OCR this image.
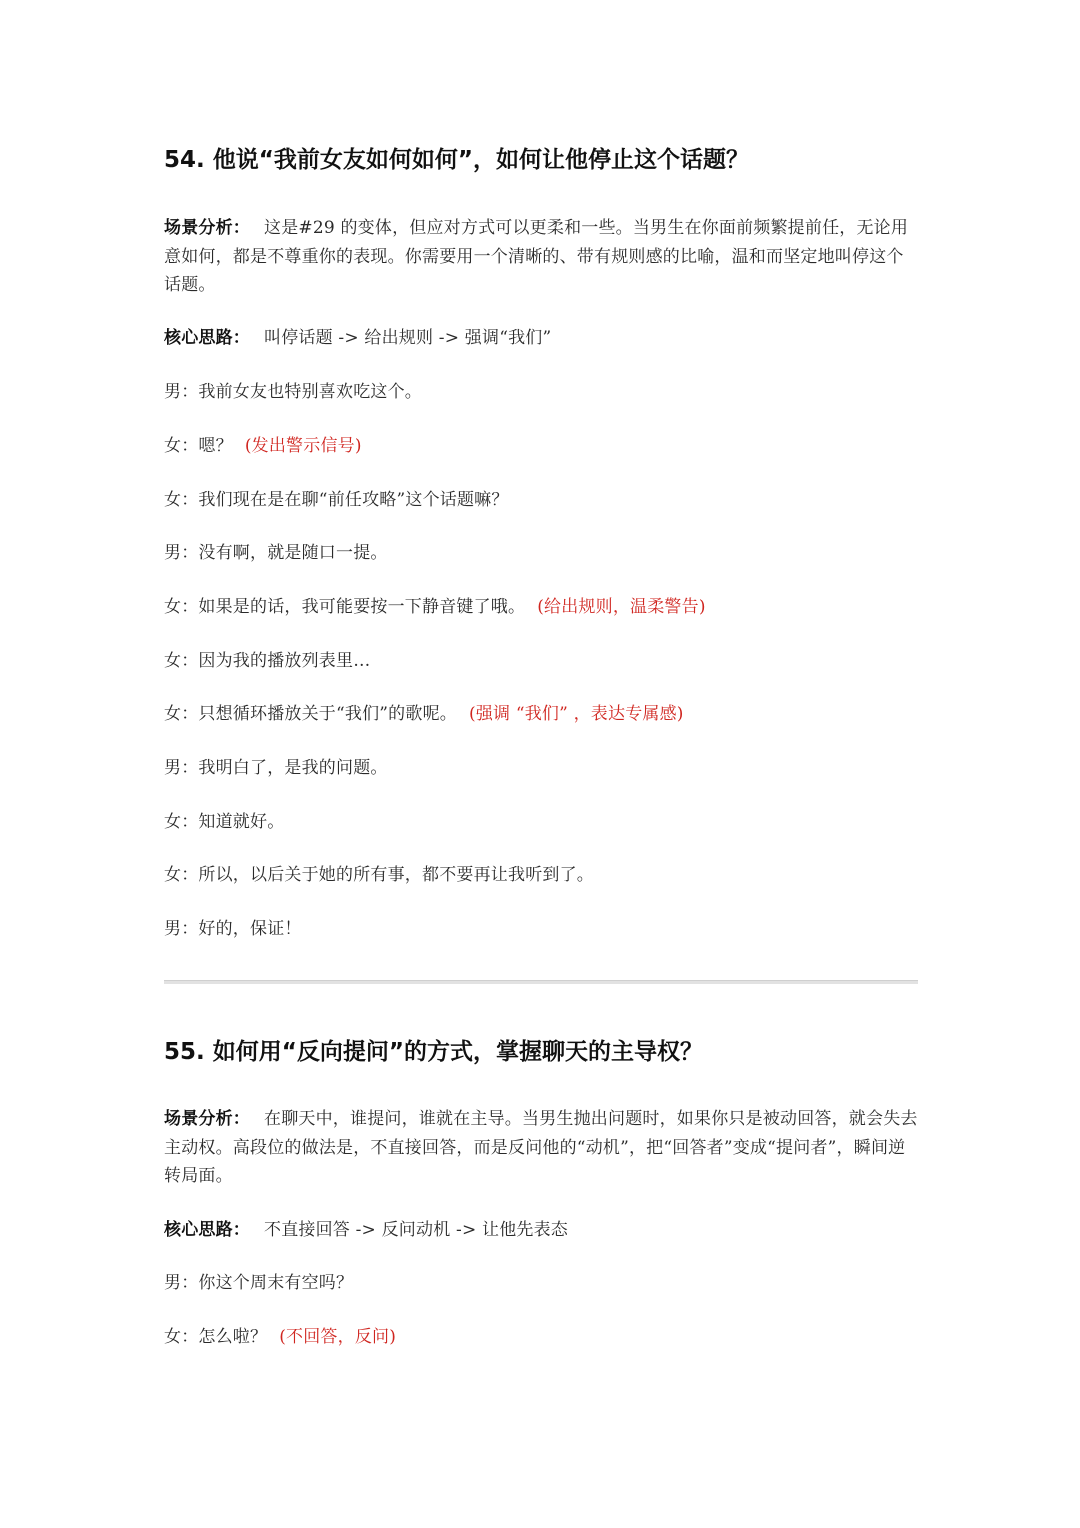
54. 他说“我前女友如何如何”，如何让他停止这个话题？

场景分析： 这是#29 的变体，但应对方式可以更柔和一些。当男生在你面前频繁提前任，无论用意如何，都是不尊重你的表现。你需要用一个清晰的、带有规则感的比喻，温和而坚定地叫停这个话题。

核心思路： 叫停话题 -> 给出规则 -> 强调“我们”

男：我前女友也特别喜欢吃这个。

女：嗯？ (发出警示信号)

女：我们现在是在聊“前任攻略”这个话题嘛？

男：没有啊，就是随口一提。

女：如果是的话，我可能要按一下静音键了哦。 (给出规则，温柔警告)

女：因为我的播放列表里…

女：只想循环播放关于“我们”的歌呢。 (强调 “我们” ，表达专属感)

男：我明白了，是我的问题。

女：知道就好。

女：所以，以后关于她的所有事，都不要再让我听到了。

男：好的，保证！

55. 如何用“反向提问”的方式，掌握聊天的主导权？

场景分析： 在聊天中，谁提问，谁就在主导。当男生抛出问题时，如果你只是被动回答，就会失去主动权。高段位的做法是，不直接回答，而是反问他的“动机”，把“回答者”变成“提问者”，瞬间逆转局面。

核心思路： 不直接回答 -> 反问动机 -> 让他先表态

男：你这个周末有空吗？

女：怎么啦？ (不回答，反问)
